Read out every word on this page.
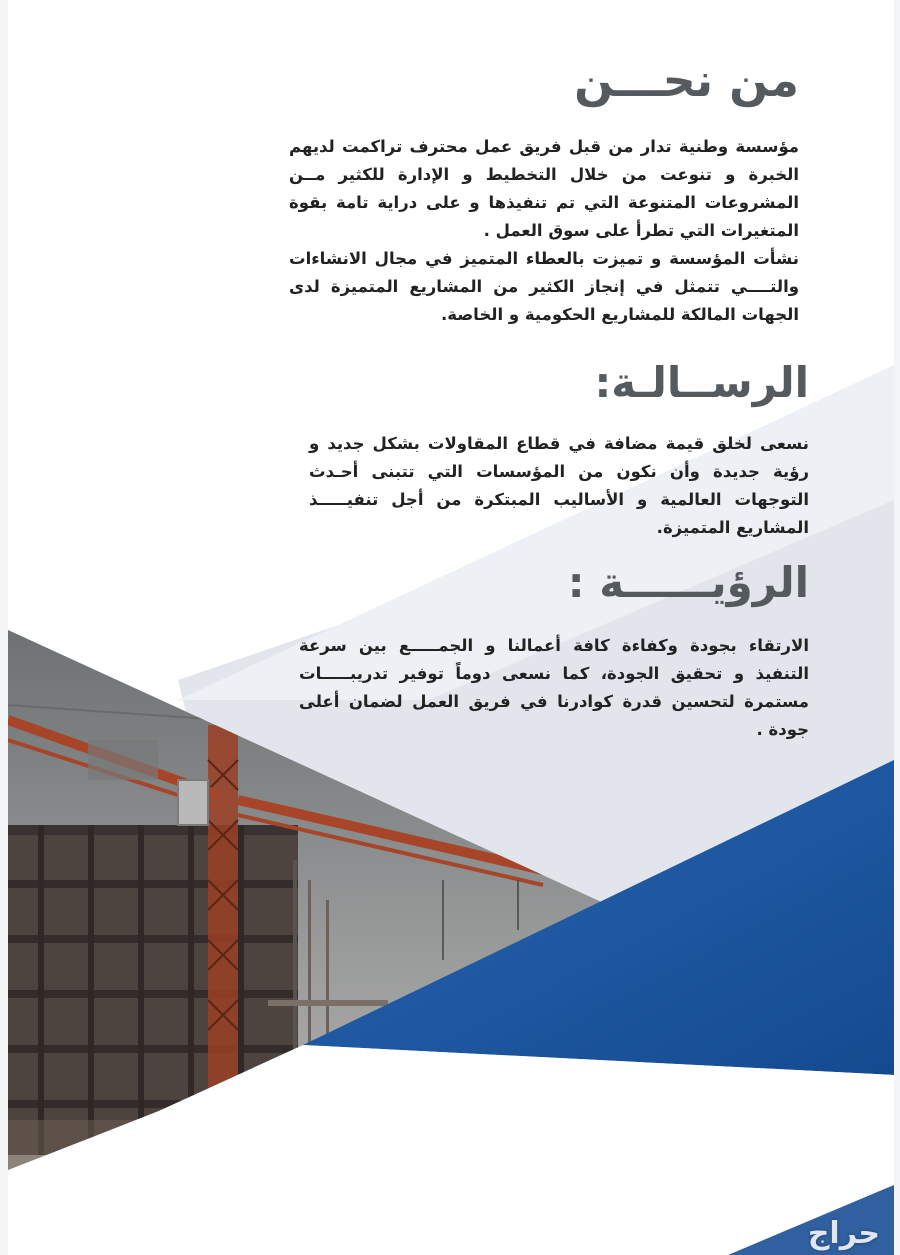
من نحـــن

مؤسسة وطنية تدار من قبل فريق عمل محترف تراكمت لديهم الخبرة و تنوعت من خلال التخطيط و الإدارة للكثير مــن المشروعات المتنوعة التي تم تنفيذها و على دراية تامة بقوة المتغيرات التي تطرأ على سوق العمل .

نشأت المؤسسة و تميزت بالعطاء المتميز في مجال الانشاءات والتــــي تتمثل في إنجاز الكثير من المشاريع المتميزة لدى الجهات المالكة للمشاريع الحكومية و الخاصة.

الرســالـة:

نسعى لخلق قيمة مضافة في قطاع المقاولات بشكل جديد و رؤية جديدة وأن نكون من المؤسسات التي تتبنى أحـدث التوجهات العالمية و الأساليب المبتكرة من أجل تنفيـــــذ المشاريع المتميزة.

الرؤيــــــة :

الارتقاء بجودة وكفاءة كافة أعمالنا و الجمـــــع بين سرعة التنفيذ و تحقيق الجودة، كما نسعى دوماً توفير تدريبـــــات مستمرة لتحسين قدرة كوادرنا في فريق العمل لضمان أعلى جودة .

حراج
